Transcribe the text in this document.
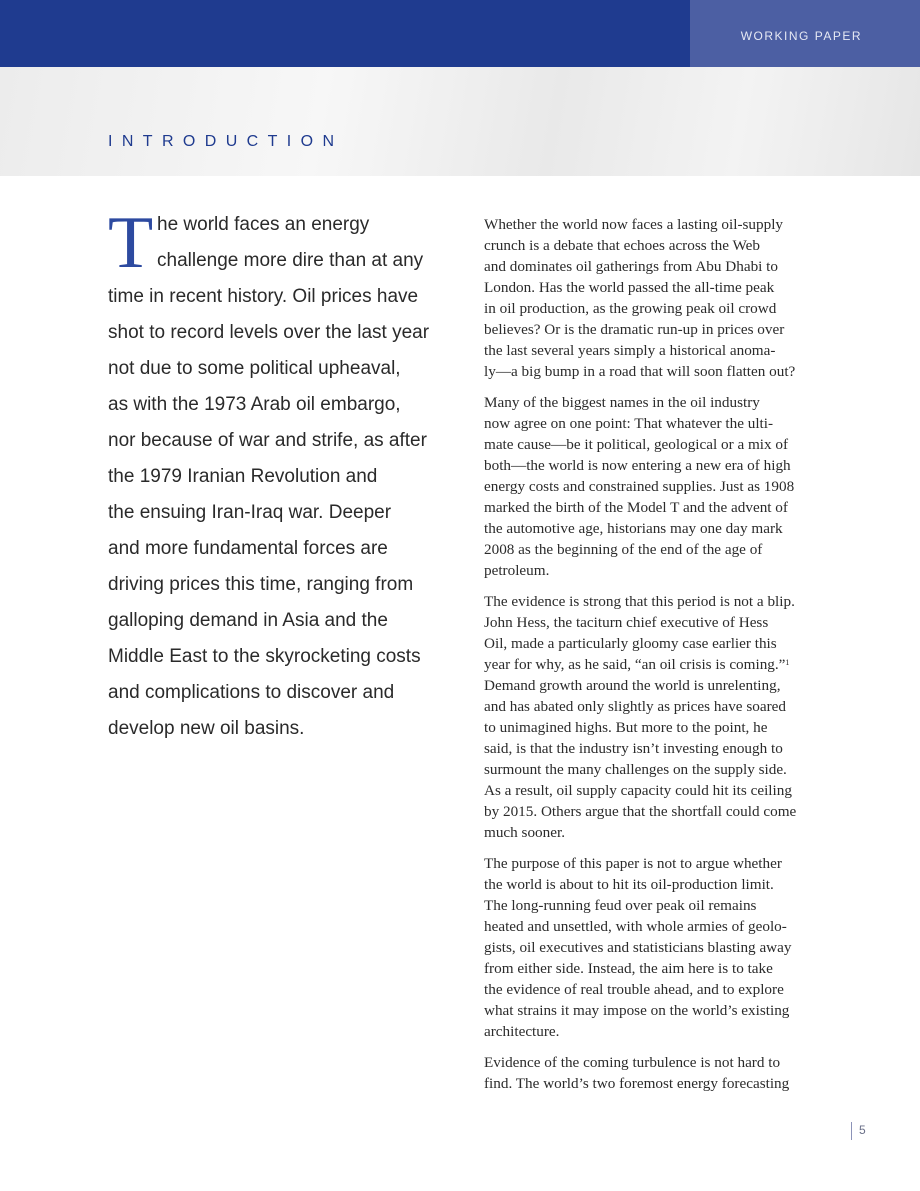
WORKING PAPER
INTRODUCTION
T he world faces an energy
challenge more dire than at any
time in recent history. Oil prices have
shot to record levels over the last year
not due to some political upheaval,
as with the 1973 Arab oil embargo,
nor because of war and strife, as after
the 1979 Iranian Revolution and
the ensuing Iran-Iraq war. Deeper
and more fundamental forces are
driving prices this time, ranging from
galloping demand in Asia and the
Middle East to the skyrocketing costs
and complications to discover and
develop new oil basins.

Whether the world now faces a lasting oil-supply
crunch is a debate that echoes across the Web
and dominates oil gatherings from Abu Dhabi to
London. Has the world passed the all-time peak
in oil production, as the growing peak oil crowd
believes? Or is the dramatic run-up in prices over
the last several years simply a historical anoma-
ly—a big bump in a road that will soon flatten out?

Many of the biggest names in the oil industry
now agree on one point: That whatever the ulti-
mate cause—be it political, geological or a mix of
both—the world is now entering a new era of high
energy costs and constrained supplies. Just as 1908
marked the birth of the Model T and the advent of
the automotive age, historians may one day mark
2008 as the beginning of the end of the age of
petroleum.

The evidence is strong that this period is not a blip.
John Hess, the taciturn chief executive of Hess
Oil, made a particularly gloomy case earlier this
year for why, as he said, “an oil crisis is coming.”$^1$
Demand growth around the world is unrelenting,
and has abated only slightly as prices have soared
to unimagined highs. But more to the point, he
said, is that the industry isn’t investing enough to
surmount the many challenges on the supply side.
As a result, oil supply capacity could hit its ceiling
by 2015. Others argue that the shortfall could come
much sooner.

The purpose of this paper is not to argue whether
the world is about to hit its oil-production limit.
The long-running feud over peak oil remains
heated and unsettled, with whole armies of geolo-
gists, oil executives and statisticians blasting away
from either side. Instead, the aim here is to take
the evidence of real trouble ahead, and to explore
what strains it may impose on the world’s existing
architecture.

Evidence of the coming turbulence is not hard to
find. The world’s two foremost energy forecasting

5
